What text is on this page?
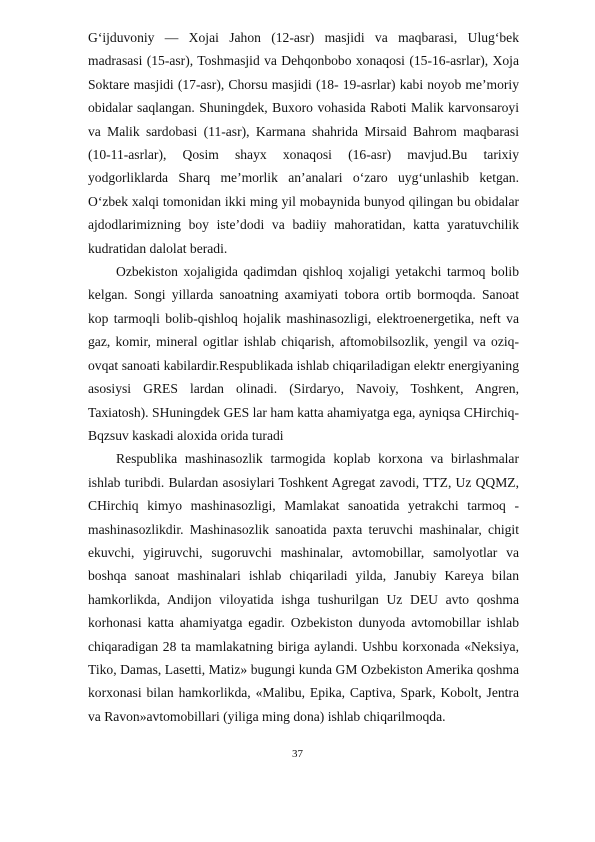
G‘ijduvoniy — Xojai Jahon (12-asr) masjidi va maqbarasi, Ulug‘bek madrasasi (15-asr), Toshmasjid va Dehqonbobo xonaqosi (15-16-asrlar), Xoja Soktare masjidi (17-asr), Chorsu masjidi (18- 19-asrlar) kabi noyob me’moriy obidalar saqlangan. Shuningdek, Buxoro vohasida Raboti Malik karvonsaroyi va Malik sardobasi (11-asr), Karmana shahrida Mirsaid Bahrom maqbarasi (10-11-asrlar), Qosim shayx xonaqosi (16-asr) mavjud.Bu tarixiy yodgorliklarda Sharq me’morlik an’analari o‘zaro uyg‘unlashib ketgan. O‘zbek xalqi tomonidan ikki ming yil mobaynida bunyod qilingan bu obidalar ajdodlarimizning boy iste’dodi va badiiy mahoratidan, katta yaratuvchilik kudratidan dalolat beradi.

Ozbekiston xojaligida qadimdan qishloq xojaligi yetakchi tarmoq bolib kelgan. Songi yillarda sanoatning axamiyati tobora ortib bormoqda. Sanoat kop tarmoqli bolib-qishloq hojalik mashinasozligi, elektroenergetika, neft va gaz, komir, mineral ogitlar ishlab chiqarish, aftomobilsozlik, yengil va oziq-ovqat sanoati kabilardir.Respublikada ishlab chiqariladigan elektr energiyaning asosiysi GRES lardan olinadi. (Sirdaryo, Navoiy, Toshkent, Angren, Taxiatosh). SHuningdek GES lar ham katta ahamiyatga ega, ayniqsa CHirchiq-Bqzsuv kaskadi aloxida orida turadi

Respublika mashinasozlik tarmogida koplab korxona va birlashmalar ishlab turibdi. Bulardan asosiylari Toshkent Agregat zavodi, TTZ, Uz QQMZ, CHirchiq kimyo mashinasozligi, Mamlakat sanoatida yetrakchi tarmoq - mashinasozlikdir. Mashinasozlik sanoatida paxta teruvchi mashinalar, chigit ekuvchi, yigiruvchi, sugoruvchi mashinalar, avtomobillar, samolyotlar va boshqa sanoat mashinalari ishlab chiqariladi yilda, Janubiy Kareya bilan hamkorlikda, Andijon viloyatida ishga tushurilgan Uz DEU avto qoshma korhonasi katta ahamiyatga egadir. Ozbekiston dunyoda avtomobillar ishlab chiqaradigan 28 ta mamlakatning biriga aylandi. Ushbu korxonada «Neksiya, Tiko, Damas, Lasetti, Matiz» bugungi kunda GM Ozbekiston Amerika qoshma korxonasi bilan hamkorlikda, «Malibu, Epika, Captiva, Spark, Kobolt, Jentra va Ravon»avtomobillari (yiliga ming dona) ishlab chiqarilmoqda.

37
